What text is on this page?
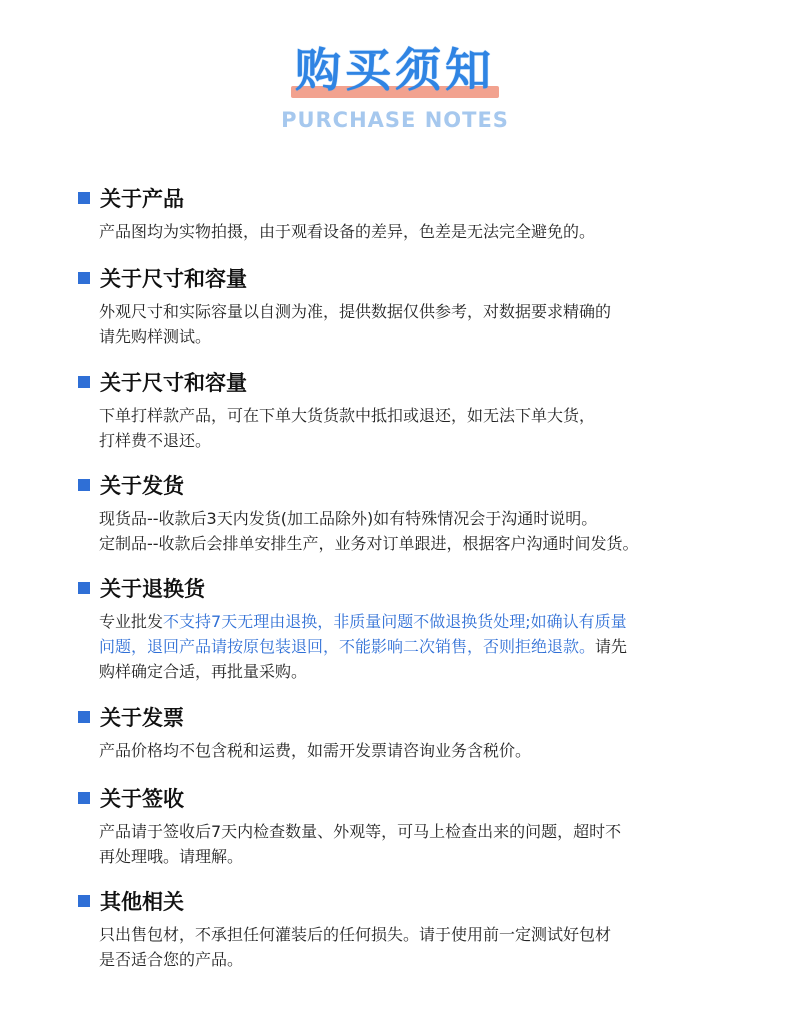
购买须知
PURCHASE NOTES
关于产品
产品图均为实物拍摄，由于观看设备的差异，色差是无法完全避免的。
关于尺寸和容量
外观尺寸和实际容量以自测为准，提供数据仅供参考，对数据要求精确的
请先购样测试。
关于尺寸和容量
下单打样款产品，可在下单大货货款中抵扣或退还，如无法下单大货，
打样费不退还。
关于发货
现货品--收款后3天内发货(加工品除外)如有特殊情况会于沟通时说明。
定制品--收款后会排单安排生产，业务对订单跟进，根据客户沟通时间发货。
关于退换货
专业批发不支持7天无理由退换，非质量问题不做退换货处理;如确认有质量
问题，退回产品请按原包装退回，不能影响二次销售，否则拒绝退款。请先
购样确定合适，再批量采购。
关于发票
产品价格均不包含税和运费，如需开发票请咨询业务含税价。
关于签收
产品请于签收后7天内检查数量、外观等，可马上检查出来的问题，超时不
再处理哦。请理解。
其他相关
只出售包材，不承担任何灌装后的任何损失。请于使用前一定测试好包材
是否适合您的产品。
